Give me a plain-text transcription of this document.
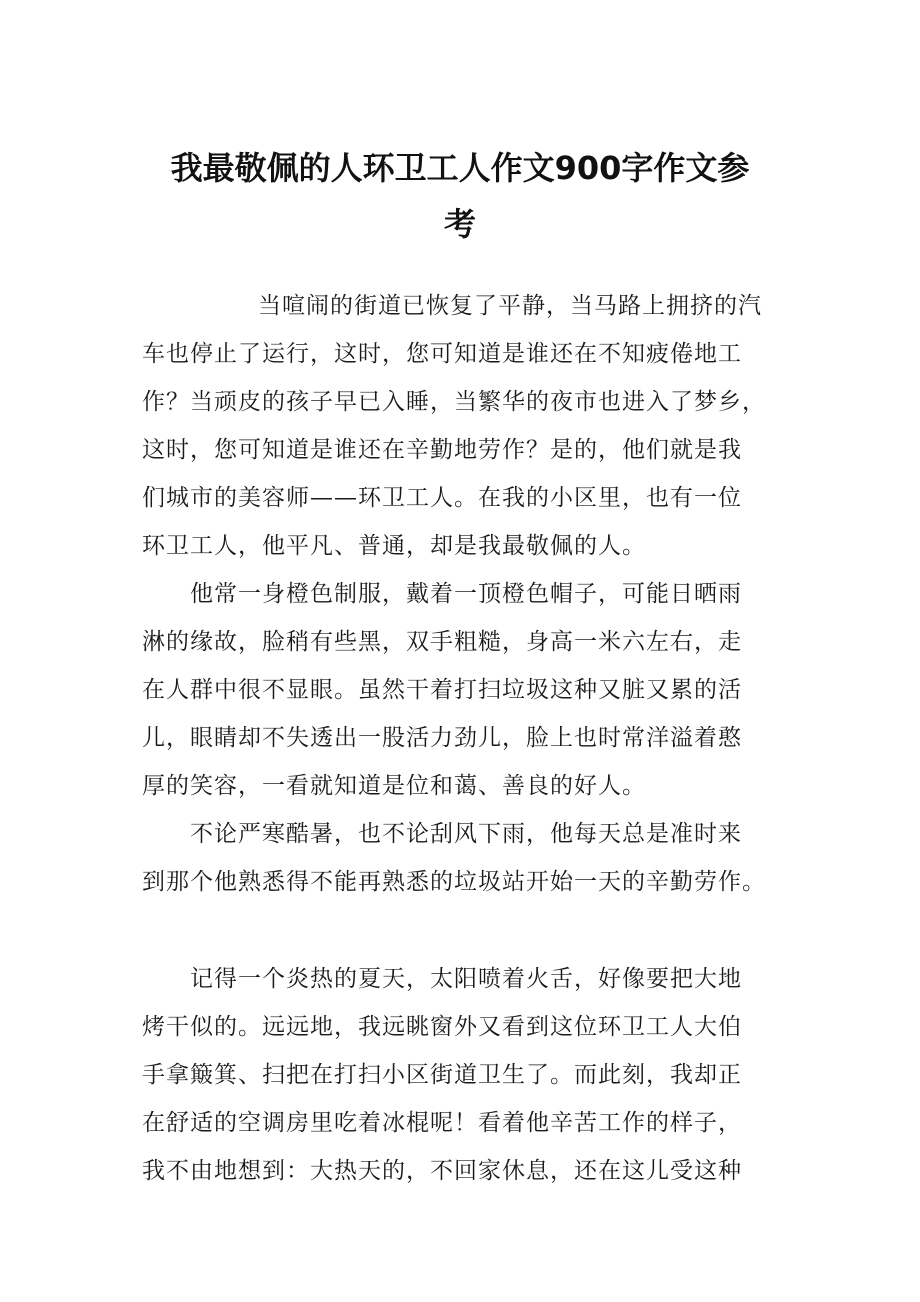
我最敬佩的人环卫工人作文900字作文参
考

当喧闹的街道已恢复了平静，当马路上拥挤的汽

车也停止了运行，这时，您可知道是谁还在不知疲倦地工

作？当顽皮的孩子早已入睡，当繁华的夜市也进入了梦乡，

这时，您可知道是谁还在辛勤地劳作？是的，他们就是我

们城市的美容师——环卫工人。在我的小区里，也有一位

环卫工人，他平凡、普通，却是我最敬佩的人。

他常一身橙色制服，戴着一顶橙色帽子，可能日晒雨

淋的缘故，脸稍有些黑，双手粗糙，身高一米六左右，走

在人群中很不显眼。虽然干着打扫垃圾这种又脏又累的活

儿，眼睛却不失透出一股活力劲儿，脸上也时常洋溢着憨

厚的笑容，一看就知道是位和蔼、善良的好人。

不论严寒酷暑，也不论刮风下雨，他每天总是准时来

到那个他熟悉得不能再熟悉的垃圾站开始一天的辛勤劳作。

记得一个炎热的夏天，太阳喷着火舌，好像要把大地

烤干似的。远远地，我远眺窗外又看到这位环卫工人大伯

手拿簸箕、扫把在打扫小区街道卫生了。而此刻，我却正

在舒适的空调房里吃着冰棍呢！看着他辛苦工作的样子，

我不由地想到：大热天的，不回家休息，还在这儿受这种
